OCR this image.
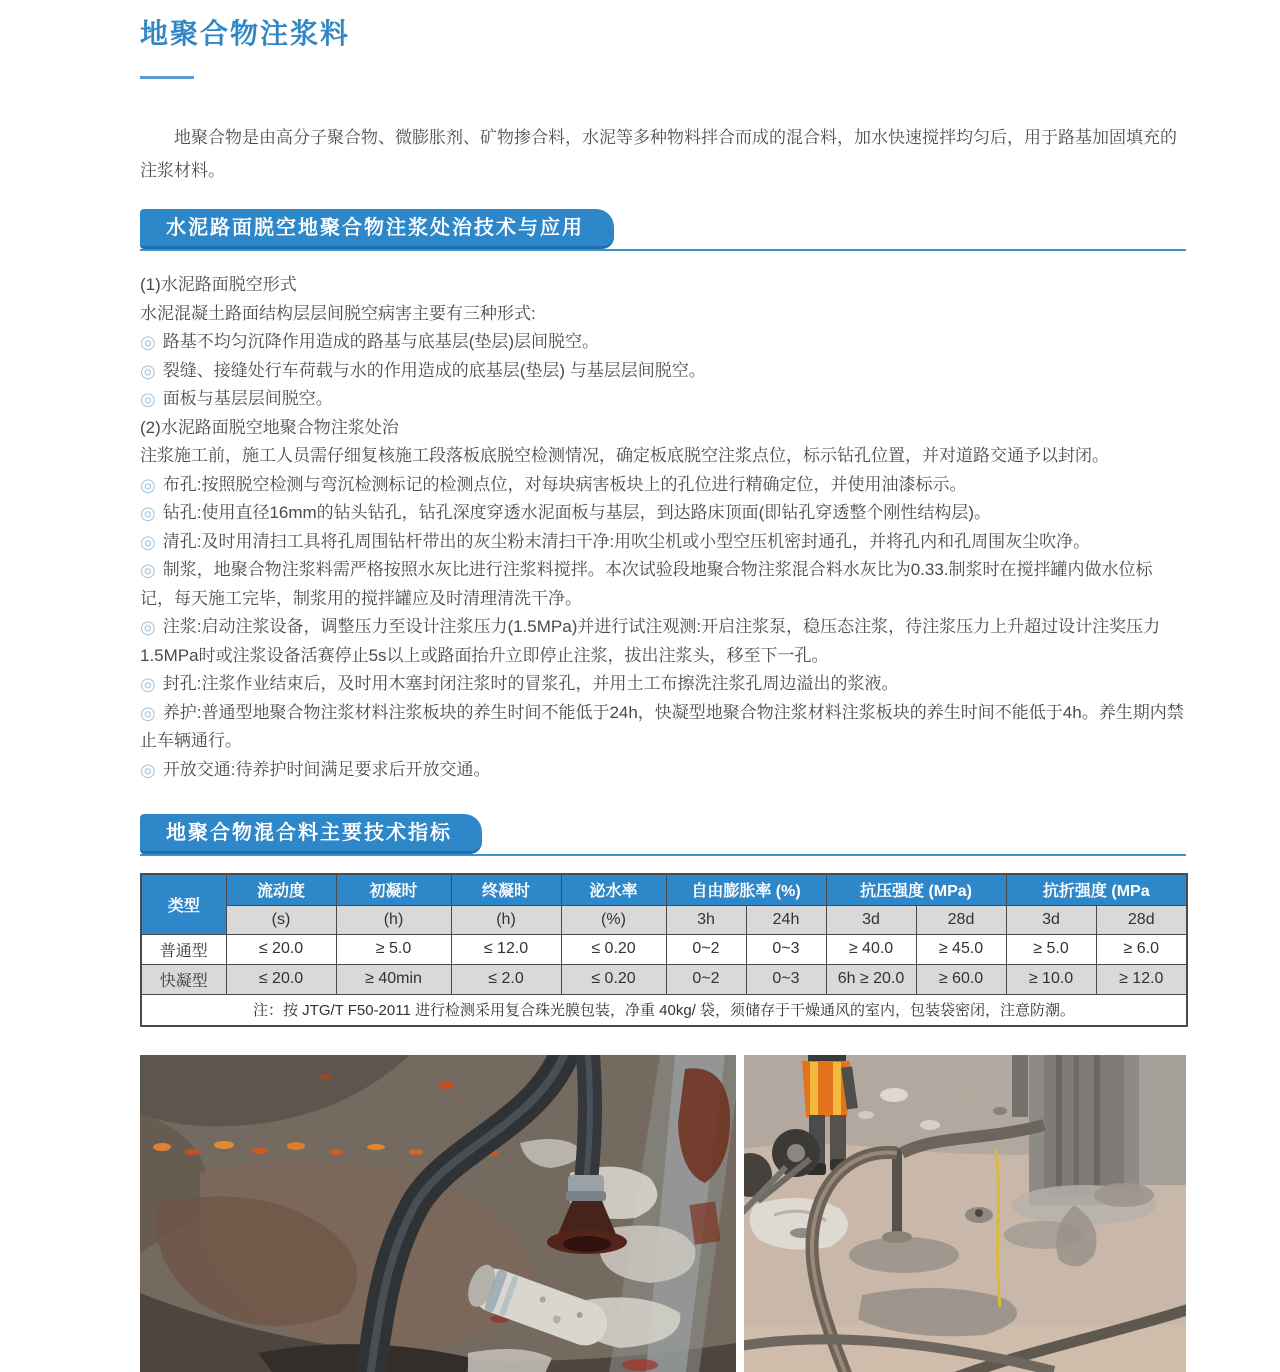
地聚合物注浆料

地聚合物是由高分子聚合物、微膨胀剂、矿物掺合料，水泥等多种物料拌合而成的混合料，加水快速搅拌均匀后，用于路基加固填充的注浆材料。

水泥路面脱空地聚合物注浆处治技术与应用

(1)水泥路面脱空形式

水泥混凝土路面结构层层间脱空病害主要有三种形式:

◎ 路基不均匀沉降作用造成的路基与底基层(垫层)层间脱空。

◎ 裂缝、接缝处行车荷载与水的作用造成的底基层(垫层) 与基层层间脱空。

◎ 面板与基层层间脱空。

(2)水泥路面脱空地聚合物注浆处治

注浆施工前，施工人员需仔细复核施工段落板底脱空检测情况，确定板底脱空注浆点位，标示钻孔位置，并对道路交通予以封闭。

◎ 布孔:按照脱空检测与弯沉检测标记的检测点位，对每块病害板块上的孔位进行精确定位，并使用油漆标示。

◎ 钻孔:使用直径16mm的钻头钻孔，钻孔深度穿透水泥面板与基层，到达路床顶面(即钻孔穿透整个刚性结构层)。

◎ 清孔:及时用清扫工具将孔周围钻杆带出的灰尘粉末清扫干净:用吹尘机或小型空压机密封通孔，并将孔内和孔周围灰尘吹净。

◎ 制浆，地聚合物注浆料需严格按照水灰比进行注浆料搅拌。本次试验段地聚合物注浆混合料水灰比为0.33.制浆时在搅拌罐内做水位标记，每天施工完毕，制浆用的搅拌罐应及时清理清洗干净。

◎ 注浆:启动注浆设备，调整压力至设计注浆压力(1.5MPa)并进行试注观测:开启注浆泵，稳压态注浆，待注浆压力上升超过设计注奖压力1.5MPa时或注浆设备活赛停止5s以上或路面抬升立即停止注浆，拔出注浆头，移至下一孔。

◎ 封孔:注浆作业结束后，及时用木塞封闭注浆时的冒浆孔，并用土工布擦洗注浆孔周边溢出的浆液。

◎ 养护:普通型地聚合物注浆材料注浆板块的养生时间不能低于24h，快凝型地聚合物注浆材料注浆板块的养生时间不能低于4h。养生期内禁止车辆通行。

◎ 开放交通:待养护时间满足要求后开放交通。

地聚合物混合料主要技术指标
类型	流动度	初凝时	终凝时	泌水率	自由膨胀率 (%)		抗压强度 (MPa)		抗折强度 (MPa	
	(s)	(h)	(h)	(%)	3h	24h	3d	28d	3d	28d
普通型	≤ 20.0	≥ 5.0	≤ 12.0	≤ 0.20	0~2	0~3	≥ 40.0	≥ 45.0	≥ 5.0	≥ 6.0
快凝型	≤ 20.0	≥ 40min	≤ 2.0	≤ 0.20	0~2	0~3	6h ≥ 20.0	≥ 60.0	≥ 10.0	≥ 12.0
注：按 JTG/T F50-2011 进行检测采用复合珠光膜包装，净重 40kg/ 袋，须储存于干燥通风的室内，包装袋密闭，注意防潮。										
